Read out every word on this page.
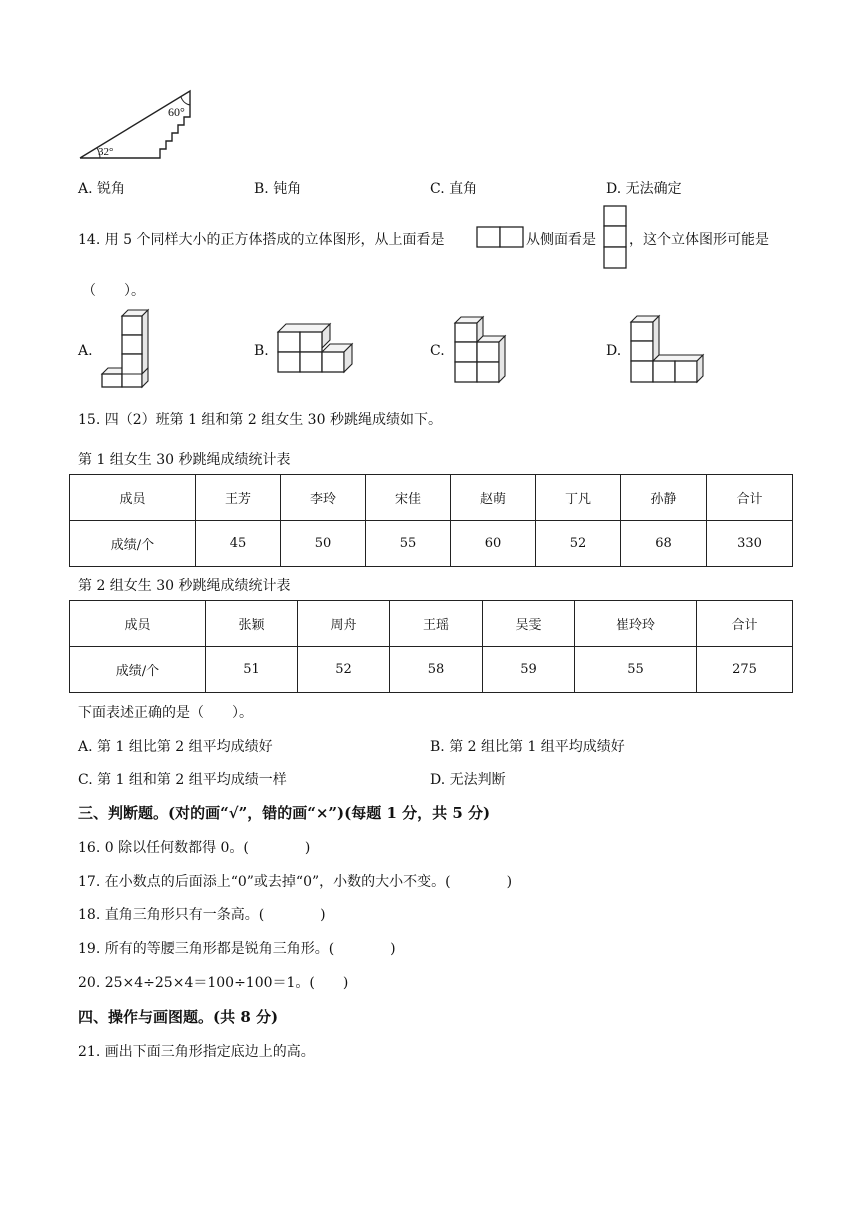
60°
32°
A. 锐角	B. 钝角	C. 直角	D. 无法确定
14. 用 5 个同样大小的正方体搭成的立体图形，从上面看是	从侧面看是 ，这个立体图形可能是
（　　）。
A.	B.	C.	D.
15. 四（2）班第 1 组和第 2 组女生 30 秒跳绳成绩如下。
第 1 组女生 30 秒跳绳成绩统计表
成员	王芳	李玲	宋佳	赵萌	丁凡	孙静	合计
成绩/个	45	50	55	60	52	68	330
第 2 组女生 30 秒跳绳成绩统计表
成员	张颖	周舟	王瑶	吴雯	崔玲玲	合计
成绩/个	51	52	58	59	55	275
下面表述正确的是（　　）。
A. 第 1 组比第 2 组平均成绩好	B. 第 2 组比第 1 组平均成绩好
C. 第 1 组和第 2 组平均成绩一样	D. 无法判断
三、判断题。(对的画“√”，错的画“×”)(每题 1 分，共 5 分)
16. 0 除以任何数都得 0。(　　　　)
17. 在小数点的后面添上“0”或去掉“0”，小数的大小不变。(　　　　)
18. 直角三角形只有一条高。(　　　　)
19. 所有的等腰三角形都是锐角三角形。(　　　　)
20. 25×4÷25×4＝100÷100＝1。(　　)
四、操作与画图题。(共 8 分)
21. 画出下面三角形指定底边上的高。
